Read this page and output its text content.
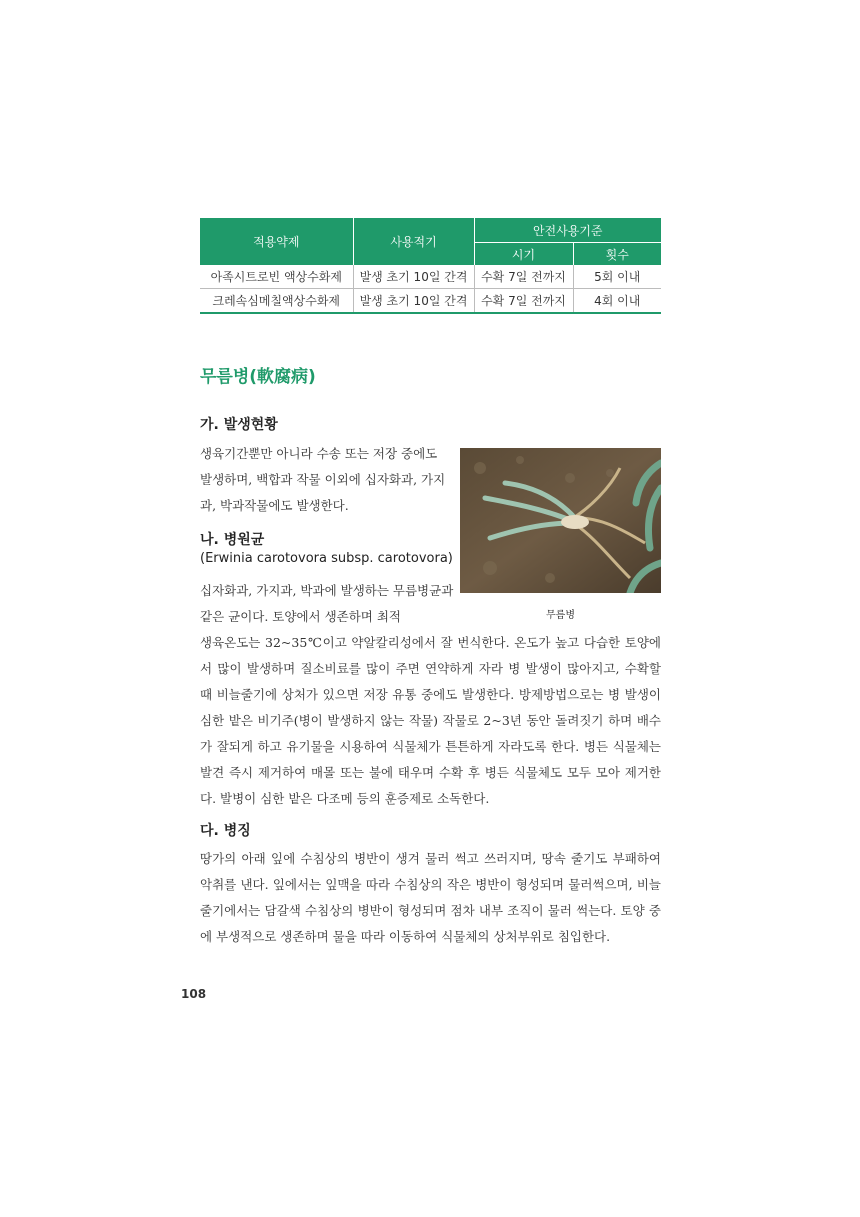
적용약제	사용적기	안전사용기준	
		시기	횟수
아족시트로빈 액상수화제	발생 초기 10일 간격	수확 7일 전까지	5회 이내
크레속심메칠액상수화제	발생 초기 10일 간격	수확 7일 전까지	4회 이내
무름병(軟腐病)
가. 발생현황

생육기간뿐만 아니라 수송 또는 저장 중에도 발생하며, 백합과 작물 이외에 십자화과, 가지과, 박과작물에도 발생한다.

무름병

나. 병원균

(Erwinia carotovora subsp. carotovora)

십자화과, 가지과, 박과에 발생하는 무름병균과 같은 균이다. 토양에서 생존하며 최적

생육온도는 32~35℃이고 약알칼리성에서 잘 번식한다. 온도가 높고 다습한 토양에서 많이 발생하며 질소비료를 많이 주면 연약하게 자라 병 발생이 많아지고, 수확할 때 비늘줄기에 상처가 있으면 저장 유통 중에도 발생한다. 방제방법으로는 병 발생이 심한 밭은 비기주(병이 발생하지 않는 작물) 작물로 2~3년 동안 돌려짓기 하며 배수가 잘되게 하고 유기물을 시용하여 식물체가 튼튼하게 자라도록 한다. 병든 식물체는 발견 즉시 제거하여 매몰 또는 불에 태우며 수확 후 병든 식물체도 모두 모아 제거한다. 발병이 심한 밭은 다조메 등의 훈증제로 소독한다.

다. 병징

땅가의 아래 잎에 수침상의 병반이 생겨 물러 썩고 쓰러지며, 땅속 줄기도 부패하여 악취를 낸다. 잎에서는 잎맥을 따라 수침상의 작은 병반이 형성되며 물러썩으며, 비늘줄기에서는 담갈색 수침상의 병반이 형성되며 점차 내부 조직이 물러 썩는다. 토양 중에 부생적으로 생존하며 물을 따라 이동하여 식물체의 상처부위로 침입한다.

108
